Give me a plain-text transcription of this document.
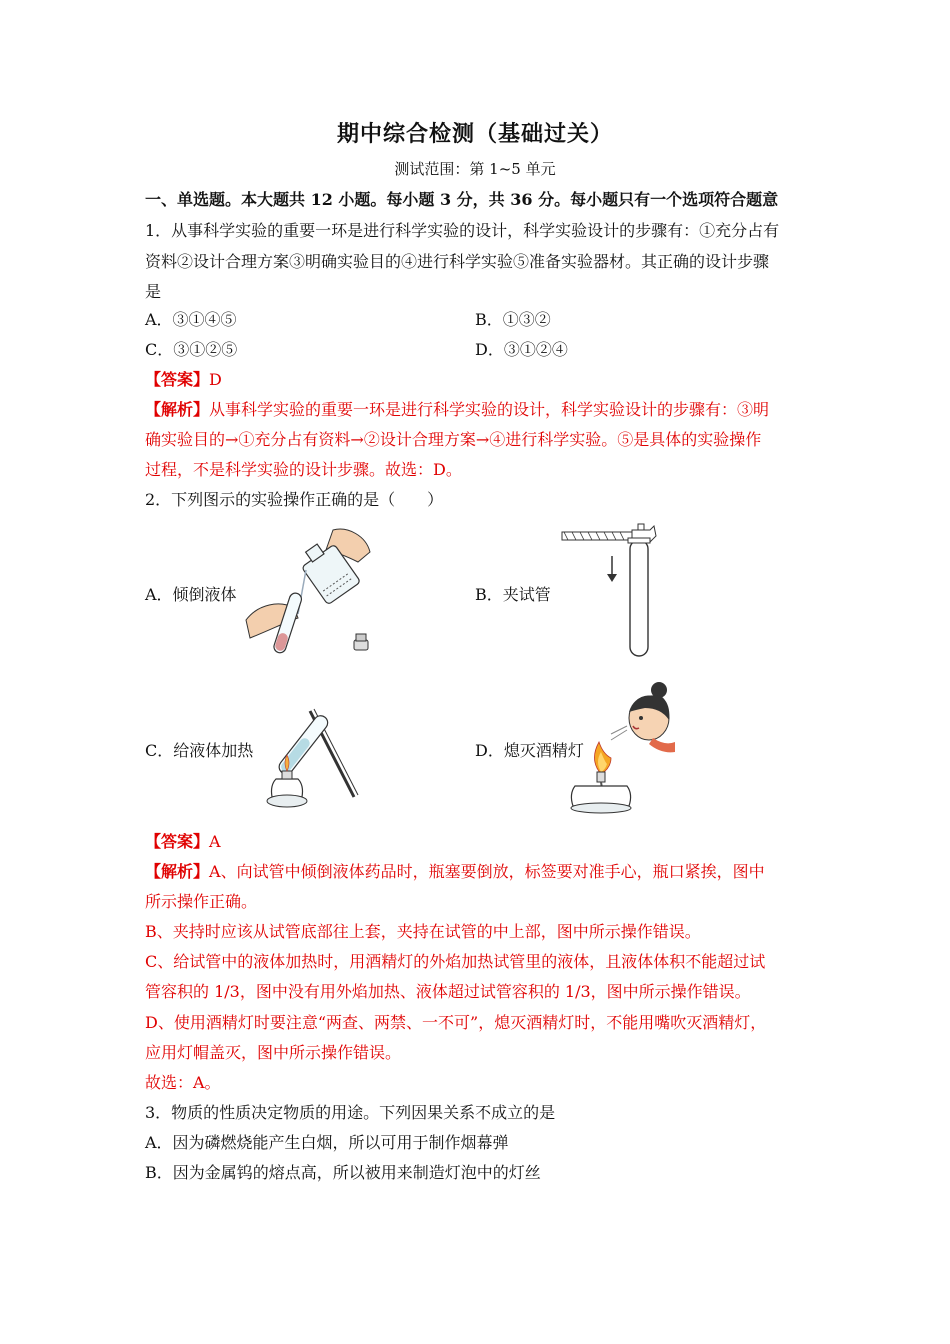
期中综合检测（基础过关）
测试范围：第 1~5 单元
一、单选题。本大题共 12 小题。每小题 3 分，共 36 分。每小题只有一个选项符合题意
1．从事科学实验的重要一环是进行科学实验的设计，科学实验设计的步骤有：①充分占有
资料②设计合理方案③明确实验目的④进行科学实验⑤准备实验器材。其正确的设计步骤
是
A．③①④⑤	B．①③②
C．③①②⑤	D．③①②④
【答案】D
【解析】从事科学实验的重要一环是进行科学实验的设计，科学实验设计的步骤有：③明
确实验目的→①充分占有资料→②设计合理方案→④进行科学实验。⑤是具体的实验操作
过程，不是科学实验的设计步骤。故选：D。
2．下列图示的实验操作正确的是（　　）
A．倾倒液体	B．夹试管
C．给液体加热	D．熄灭酒精灯
【答案】A
【解析】A、向试管中倾倒液体药品时，瓶塞要倒放，标签要对准手心，瓶口紧挨，图中
所示操作正确。
B、夹持时应该从试管底部往上套，夹持在试管的中上部，图中所示操作错误。
C、给试管中的液体加热时，用酒精灯的外焰加热试管里的液体，且液体体积不能超过试
管容积的 1/3，图中没有用外焰加热、液体超过试管容积的 1/3，图中所示操作错误。
D、使用酒精灯时要注意“两查、两禁、一不可”，熄灭酒精灯时，不能用嘴吹灭酒精灯，
应用灯帽盖灭，图中所示操作错误。
故选：A。
3．物质的性质决定物质的用途。下列因果关系不成立的是
A．因为磷燃烧能产生白烟，所以可用于制作烟幕弹
B．因为金属钨的熔点高，所以被用来制造灯泡中的灯丝
